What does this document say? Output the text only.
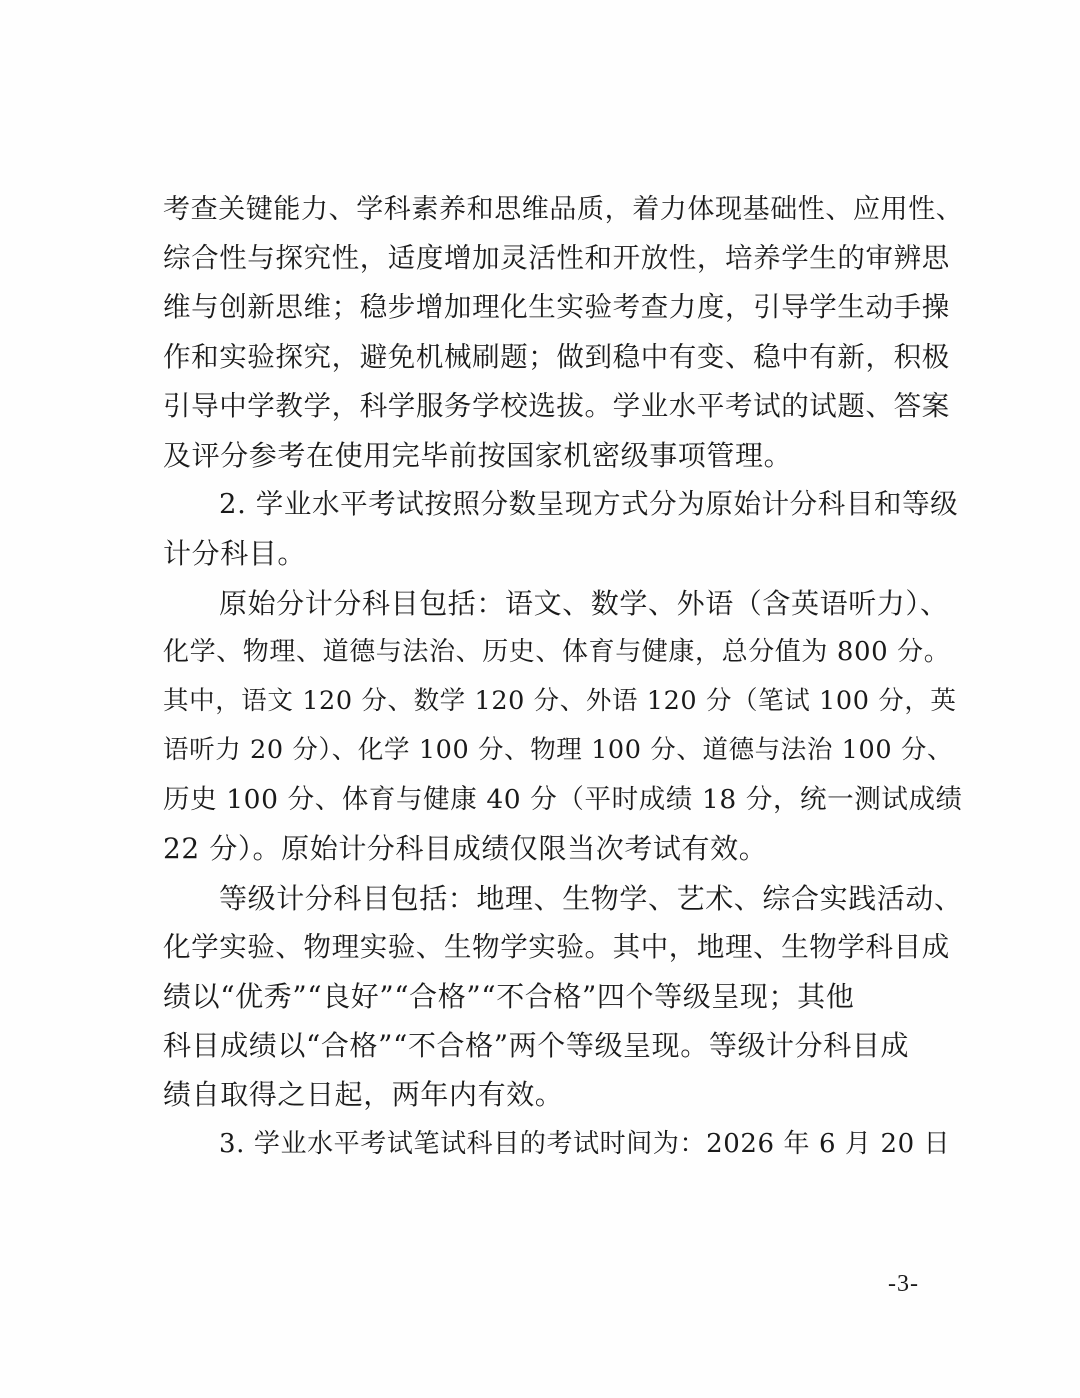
考查关键能力、学科素养和思维品质，着力体现基础性、应用性、
综合性与探究性，适度增加灵活性和开放性，培养学生的审辨思
维与创新思维；稳步增加理化生实验考查力度，引导学生动手操
作和实验探究，避免机械刷题；做到稳中有变、稳中有新，积极
引导中学教学，科学服务学校选拔。学业水平考试的试题、答案
及评分参考在使用完毕前按国家机密级事项管理。
2. 学业水平考试按照分数呈现方式分为原始计分科目和等级
计分科目。
原始分计分科目包括：语文、数学、外语（含英语听力）、
化学、物理、道德与法治、历史、体育与健康，总分值为 800 分。
其中，语文 120 分、数学 120 分、外语 120 分（笔试 100 分，英
语听力 20 分）、化学 100 分、物理 100 分、道德与法治 100 分、
历史 100 分、体育与健康 40 分（平时成绩 18 分，统一测试成绩
22 分）。原始计分科目成绩仅限当次考试有效。
等级计分科目包括：地理、生物学、艺术、综合实践活动、
化学实验、物理实验、生物学实验。其中，地理、生物学科目成
绩以“优秀”“良好”“合格”“不合格”四个等级呈现；其他
科目成绩以“合格”“不合格”两个等级呈现。等级计分科目成
绩自取得之日起，两年内有效。
3. 学业水平考试笔试科目的考试时间为：2026 年 6 月 20 日
-3-
